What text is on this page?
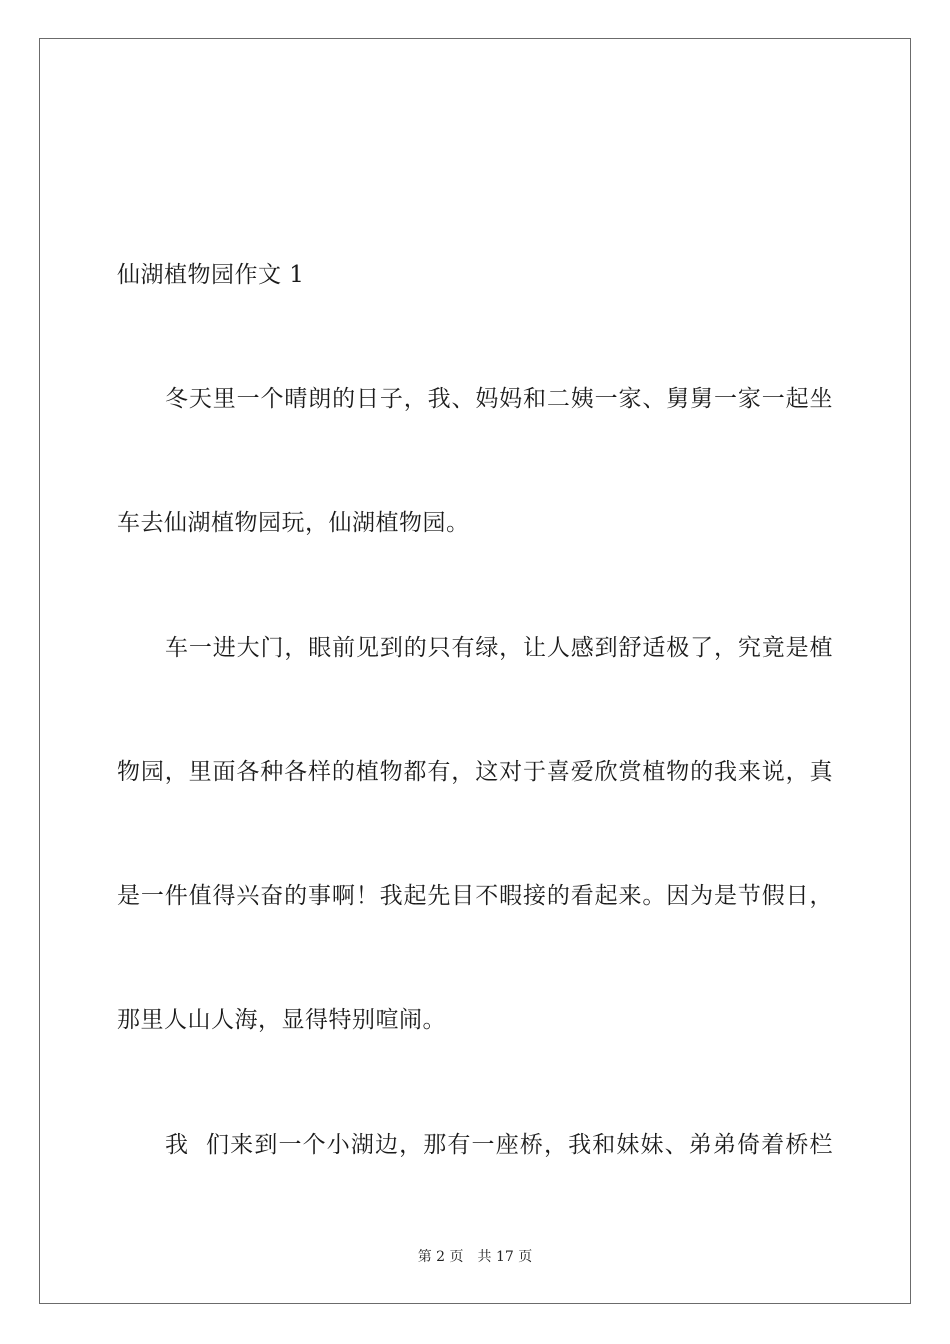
仙湖植物园作文 1
冬天里一个晴朗的日子，我、妈妈和二姨一家、舅舅一家一起坐
车去仙湖植物园玩，仙湖植物园。
车一进大门，眼前见到的只有绿，让人感到舒适极了，究竟是植
物园，里面各种各样的植物都有，这对于喜爱欣赏植物的我来说，真
是一件值得兴奋的事啊！我起先目不暇接的看起来。因为是节假日，
那里人山人海，显得特别喧闹。
我  们来到一个小湖边，那有一座桥，我和妹妹、弟弟倚着桥栏
第 2 页 共 17 页
